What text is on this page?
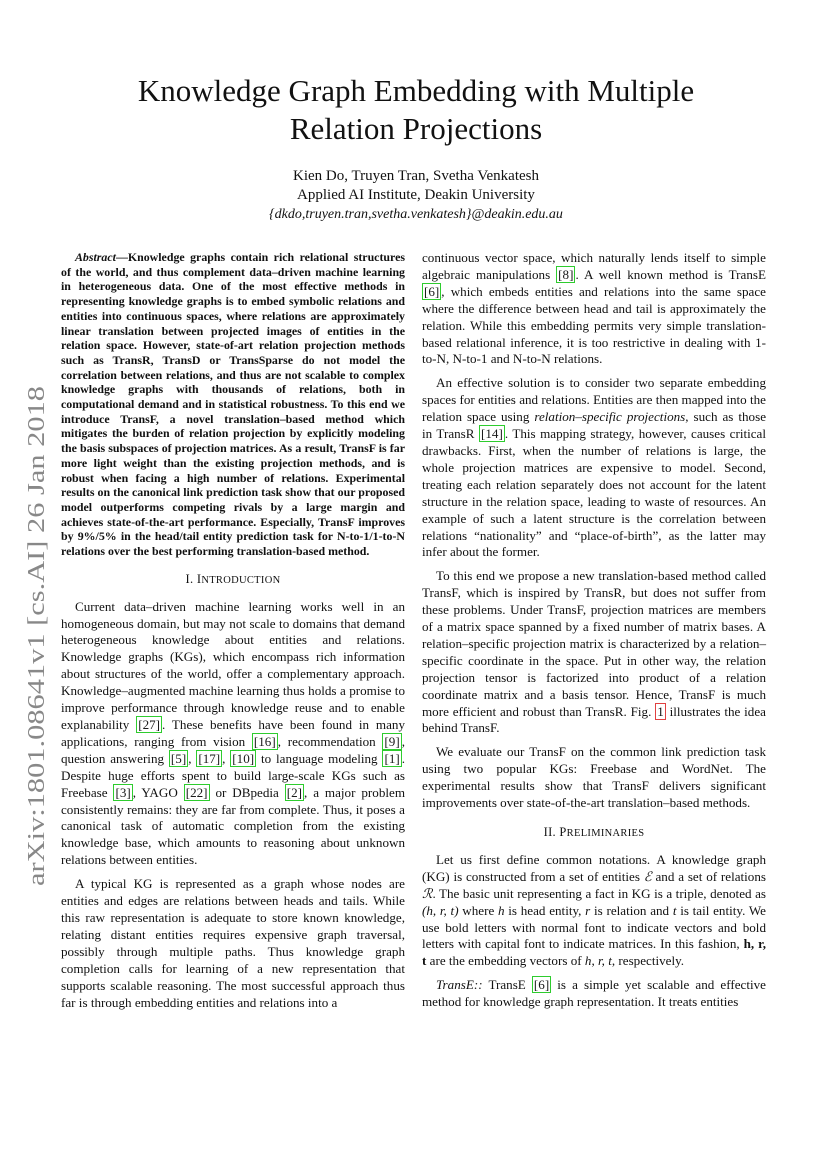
Knowledge Graph Embedding with Multiple
Relation Projections
Kien Do, Truyen Tran, Svetha Venkatesh
Applied AI Institute, Deakin University
{dkdo,truyen.tran,svetha.venkatesh}@deakin.edu.au
arXiv:1801.08641v1 [cs.AI] 26 Jan 2018

Abstract—Knowledge graphs contain rich relational structures of the world, and thus complement data–driven machine learning in heterogeneous data. One of the most effective methods in representing knowledge graphs is to embed symbolic relations and entities into continuous spaces, where relations are approximately linear translation between projected images of entities in the relation space. However, state-of-art relation projection methods such as TransR, TransD or TransSparse do not model the correlation between relations, and thus are not scalable to complex knowledge graphs with thousands of relations, both in computational demand and in statistical robustness. To this end we introduce TransF, a novel translation–based method which mitigates the burden of relation projection by explicitly modeling the basis subspaces of projection matrices. As a result, TransF is far more light weight than the existing projection methods, and is robust when facing a high number of relations. Experimental results on the canonical link prediction task show that our proposed model outperforms competing rivals by a large margin and achieves state-of-the-art performance. Especially, TransF improves by 9%/5% in the head/tail entity prediction task for N-to-1/1-to-N relations over the best performing translation-based method.

I. INTRODUCTION

Current data–driven machine learning works well in an homogeneous domain, but may not scale to domains that demand heterogeneous knowledge about entities and relations. Knowledge graphs (KGs), which encompass rich information about structures of the world, offer a complementary approach. Knowledge–augmented machine learning thus holds a promise to improve performance through knowledge reuse and to enable explanability [27] . These benefits have been found in many applications, ranging from vision [16] , recommendation [9] , question answering [5] , [17] , [10] to language modeling [1] . Despite huge efforts spent to build large-scale KGs such as Freebase [3] , YAGO [22] or DBpedia [2] , a major problem consistently remains: they are far from complete. Thus, it poses a canonical task of automatic completion from the existing knowledge base, which amounts to reasoning about unknown relations between entities.

A typical KG is represented as a graph whose nodes are entities and edges are relations between heads and tails. While this raw representation is adequate to store known knowledge, relating distant entities requires expensive graph traversal, possibly through multiple paths. Thus knowledge graph completion calls for learning of a new representation that supports scalable reasoning. The most successful approach thus far is through embedding entities and relations into a

continuous vector space, which naturally lends itself to simple algebraic manipulations [8] . A well known method is TransE [6] , which embeds entities and relations into the same space where the difference between head and tail is approximately the relation. While this embedding permits very simple translation-based relational inference, it is too restrictive in dealing with 1-to-N, N-to-1 and N-to-N relations.

An effective solution is to consider two separate embedding spaces for entities and relations. Entities are then mapped into the relation space using relation–specific projections, such as those in TransR [14] . This mapping strategy, however, causes critical drawbacks. First, when the number of relations is large, the whole projection matrices are expensive to model. Second, treating each relation separately does not account for the latent structure in the relation space, leading to waste of resources. An example of such a latent structure is the correlation between relations “nationality” and “place-of-birth”, as the latter may infer about the former.

To this end we propose a new translation-based method called TransF, which is inspired by TransR, but does not suffer from these problems. Under TransF, projection matrices are members of a matrix space spanned by a fixed number of matrix bases. A relation–specific projection matrix is characterized by a relation–specific coordinate in the space. Put in other way, the relation projection tensor is factorized into product of a relation coordinate matrix and a basis tensor. Hence, TransF is much more efficient and robust than TransR. Fig. 1 illustrates the idea behind TransF.

We evaluate our TransF on the common link prediction task using two popular KGs: Freebase and WordNet. The experimental results show that TransF delivers significant improvements over state-of-the-art translation–based methods.

II. PRELIMINARIES

Let us first define common notations. A knowledge graph (KG) is constructed from a set of entities ℰ and a set of relations ℛ. The basic unit representing a fact in KG is a triple, denoted as (h, r, t) where h is head entity, r is relation and t is tail entity. We use bold letters with normal font to indicate vectors and bold letters with capital font to indicate matrices. In this fashion, h, r, t are the embedding vectors of h, r, t, respectively.

TransE:: TransE [6] is a simple yet scalable and effective method for knowledge graph representation. It treats entities
